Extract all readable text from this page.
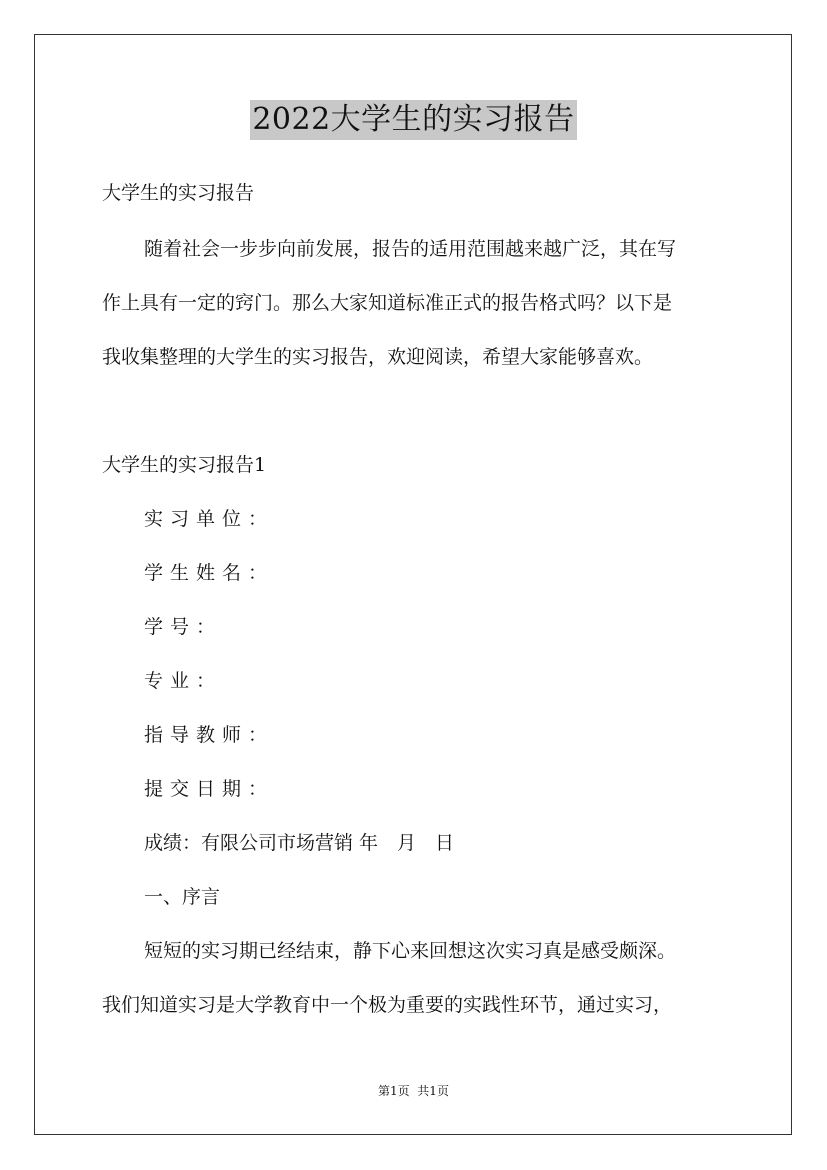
2022大学生的实习报告
大学生的实习报告
随着社会一步步向前发展，报告的适用范围越来越广泛，其在写
作上具有一定的窍门。那么大家知道标准正式的报告格式吗？以下是
我收集整理的大学生的实习报告，欢迎阅读，希望大家能够喜欢。
大学生的实习报告1
实习单位：
学生姓名：
学号：
专业：
指导教师：
提交日期：
成绩：有限公司市场营销 年　月　日
一、序言
短短的实习期已经结束，静下心来回想这次实习真是感受颇深。
我们知道实习是大学教育中一个极为重要的实践性环节，通过实习，
第1页  共1页
